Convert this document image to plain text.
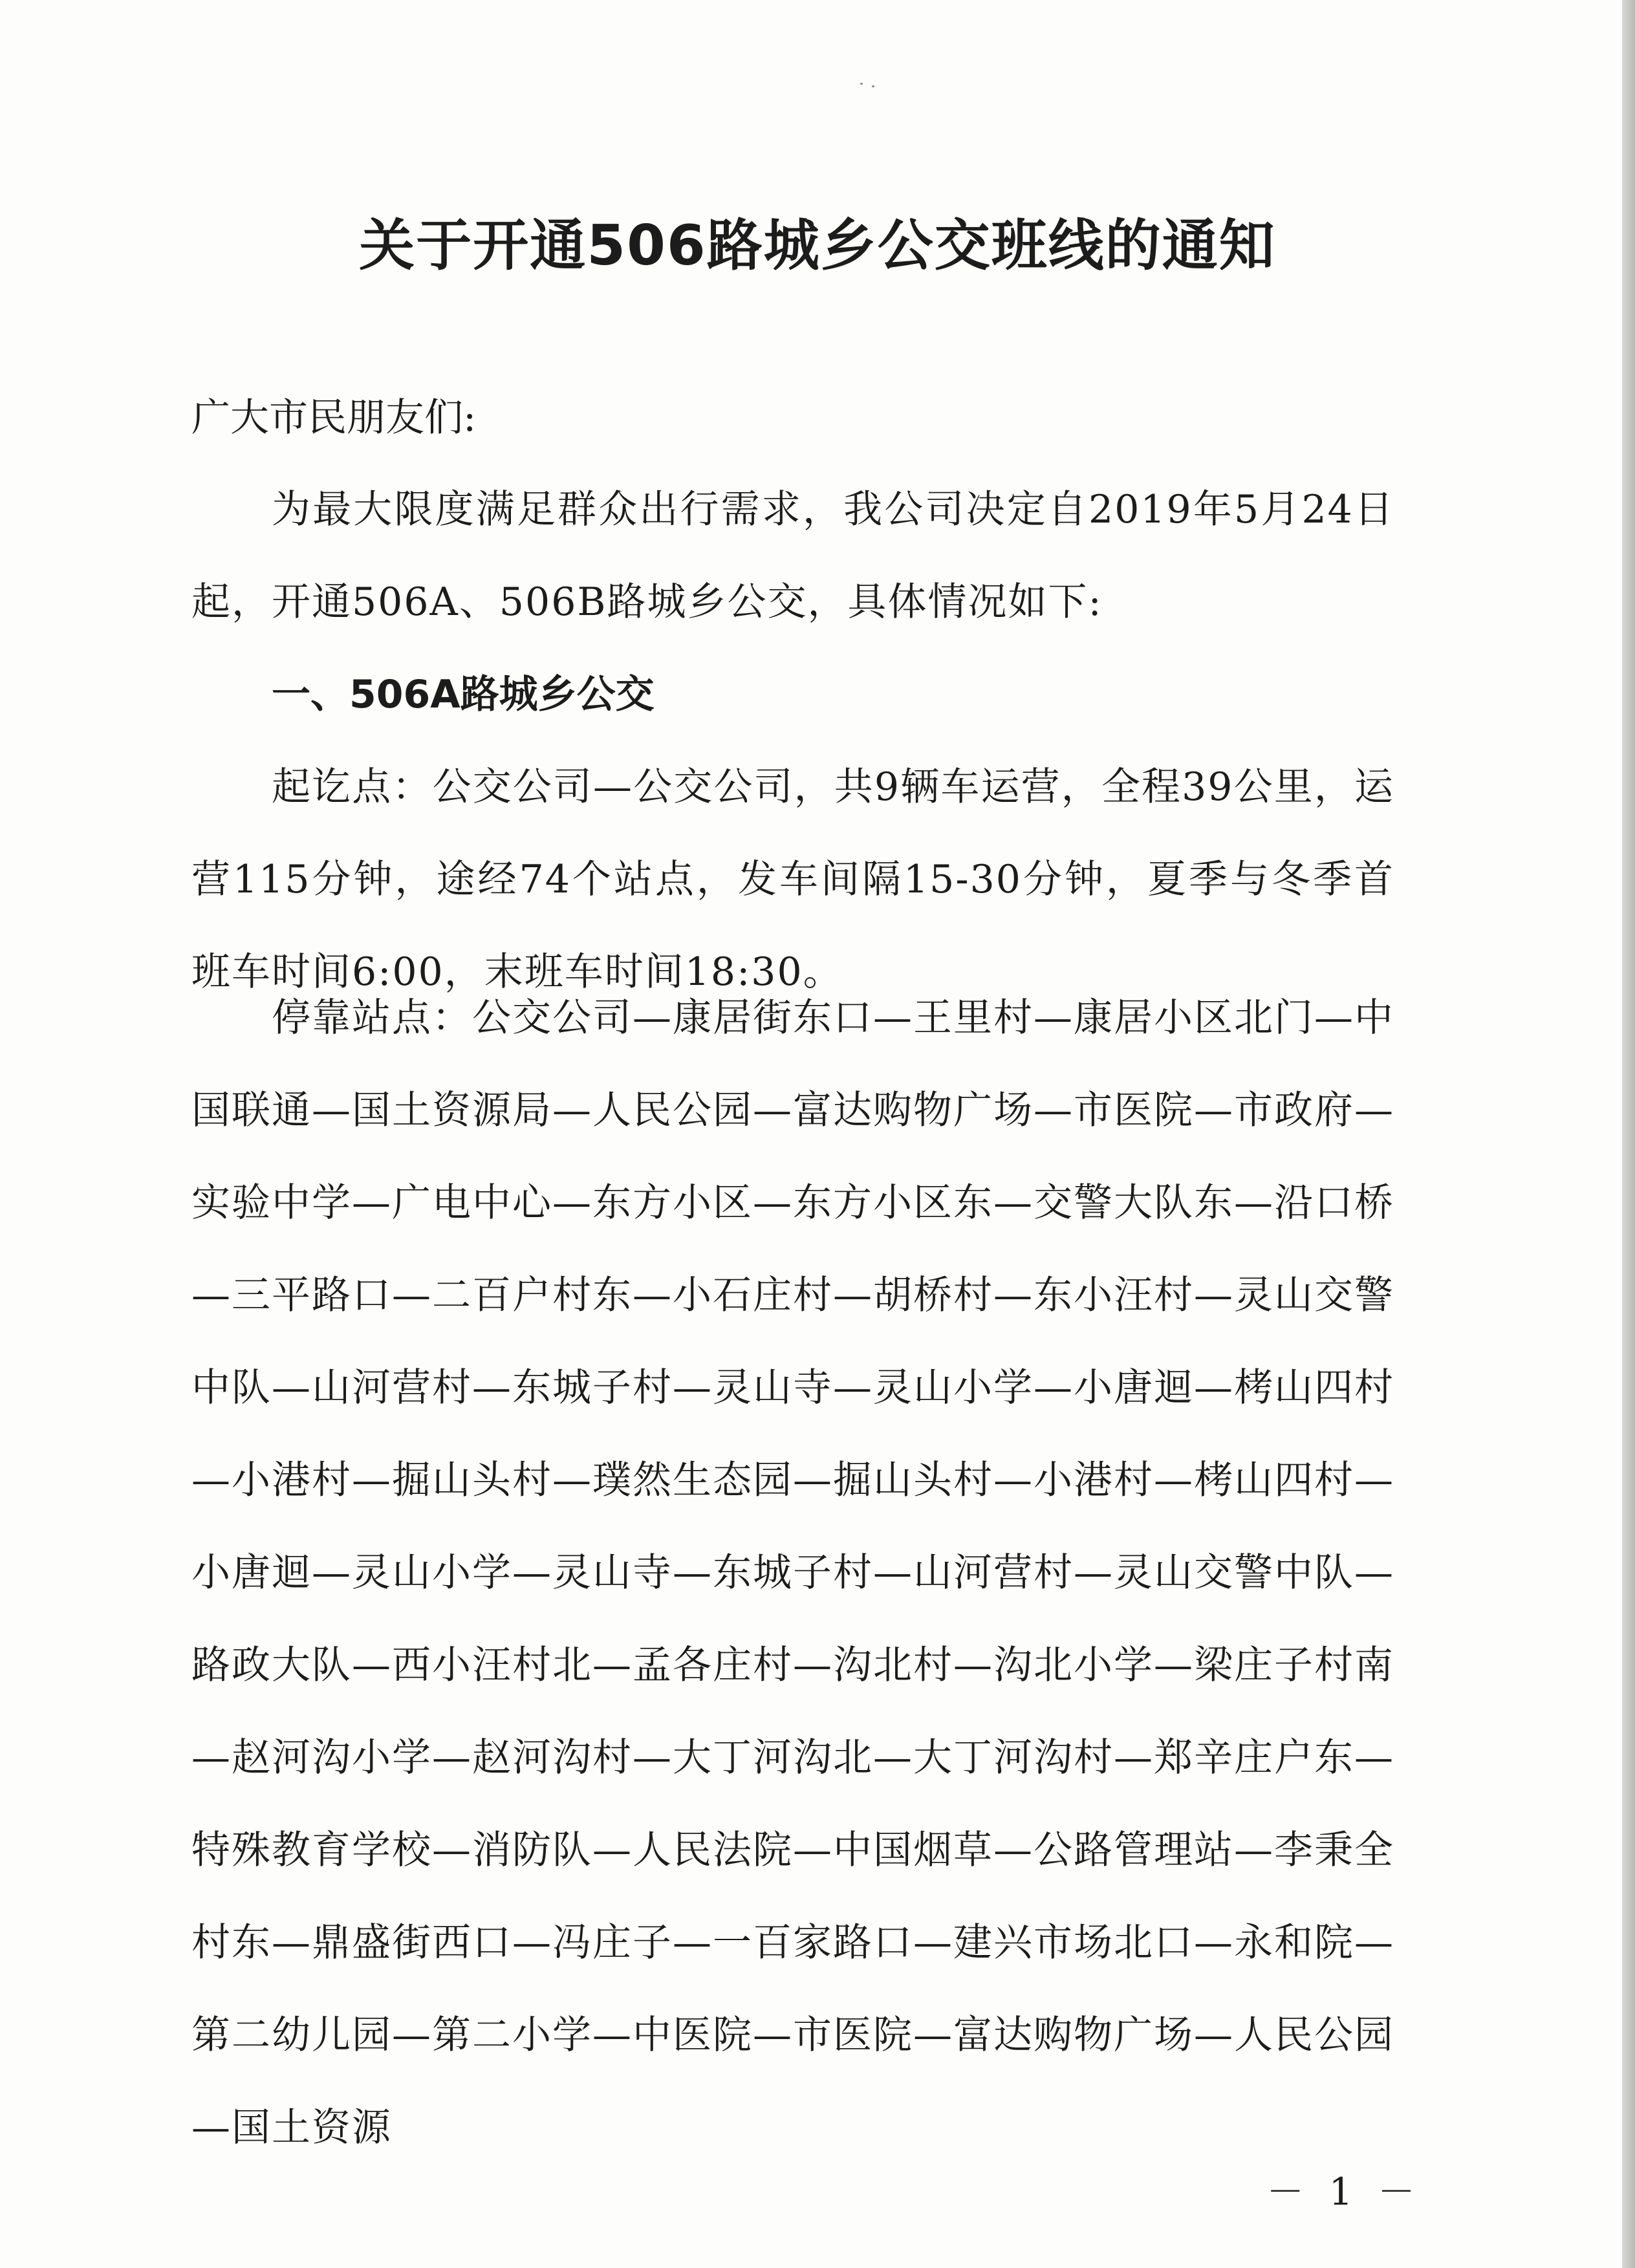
关于开通506路城乡公交班线的通知

广大市民朋友们:

为最大限度满足群众出行需求，我公司决定自2019年5月24日起，开通506A、506B路城乡公交，具体情况如下:

一、506A路城乡公交

起讫点：公交公司—公交公司，共9辆车运营，全程39公里，运营115分钟，途经74个站点，发车间隔15-30分钟，夏季与冬季首班车时间6:00，末班车时间18:30。

停靠站点：公交公司—康居街东口—王里村—康居小区北门—中国联通—国土资源局—人民公园—富达购物广场—市医院—市政府—实验中学—广电中心—东方小区—东方小区东—交警大队东—沿口桥—三平路口—二百户村东—小石庄村—胡桥村—东小汪村—灵山交警中队—山河营村—东城子村—灵山寺—灵山小学—小唐迴—栲山四村—小港村—掘山头村—璞然生态园—掘山头村—小港村—栲山四村—小唐迴—灵山小学—灵山寺—东城子村—山河营村—灵山交警中队—路政大队—西小汪村北—孟各庄村—沟北村—沟北小学—梁庄子村南—赵河沟小学—赵河沟村—大丁河沟北—大丁河沟村—郑辛庄户东—特殊教育学校—消防队—人民法院—中国烟草—公路管理站—李秉全村东—鼎盛街西口—冯庄子—一百家路口—建兴市场北口—永和院—第二幼儿园—第二小学—中医院—市医院—富达购物广场—人民公园—国土资源

－ 1 －
